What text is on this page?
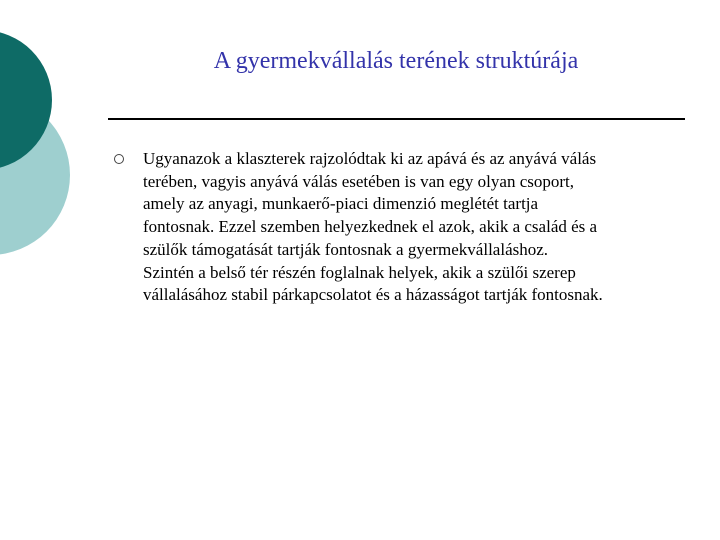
A gyermekvállalás terének struktúrája
Ugyanazok a klaszterek rajzolódtak ki az apává és az anyává válás
terében, vagyis anyává válás esetében is van egy olyan csoport,
amely az anyagi, munkaerő-piaci dimenzió meglétét tartja
fontosnak. Ezzel szemben helyezkednek el azok, akik a család és a
szülők támogatását tartják fontosnak a gyermekvállaláshoz.
Szintén a belső tér részén foglalnak helyek, akik a szülői szerep
vállalásához stabil párkapcsolatot és a házasságot tartják fontosnak.
